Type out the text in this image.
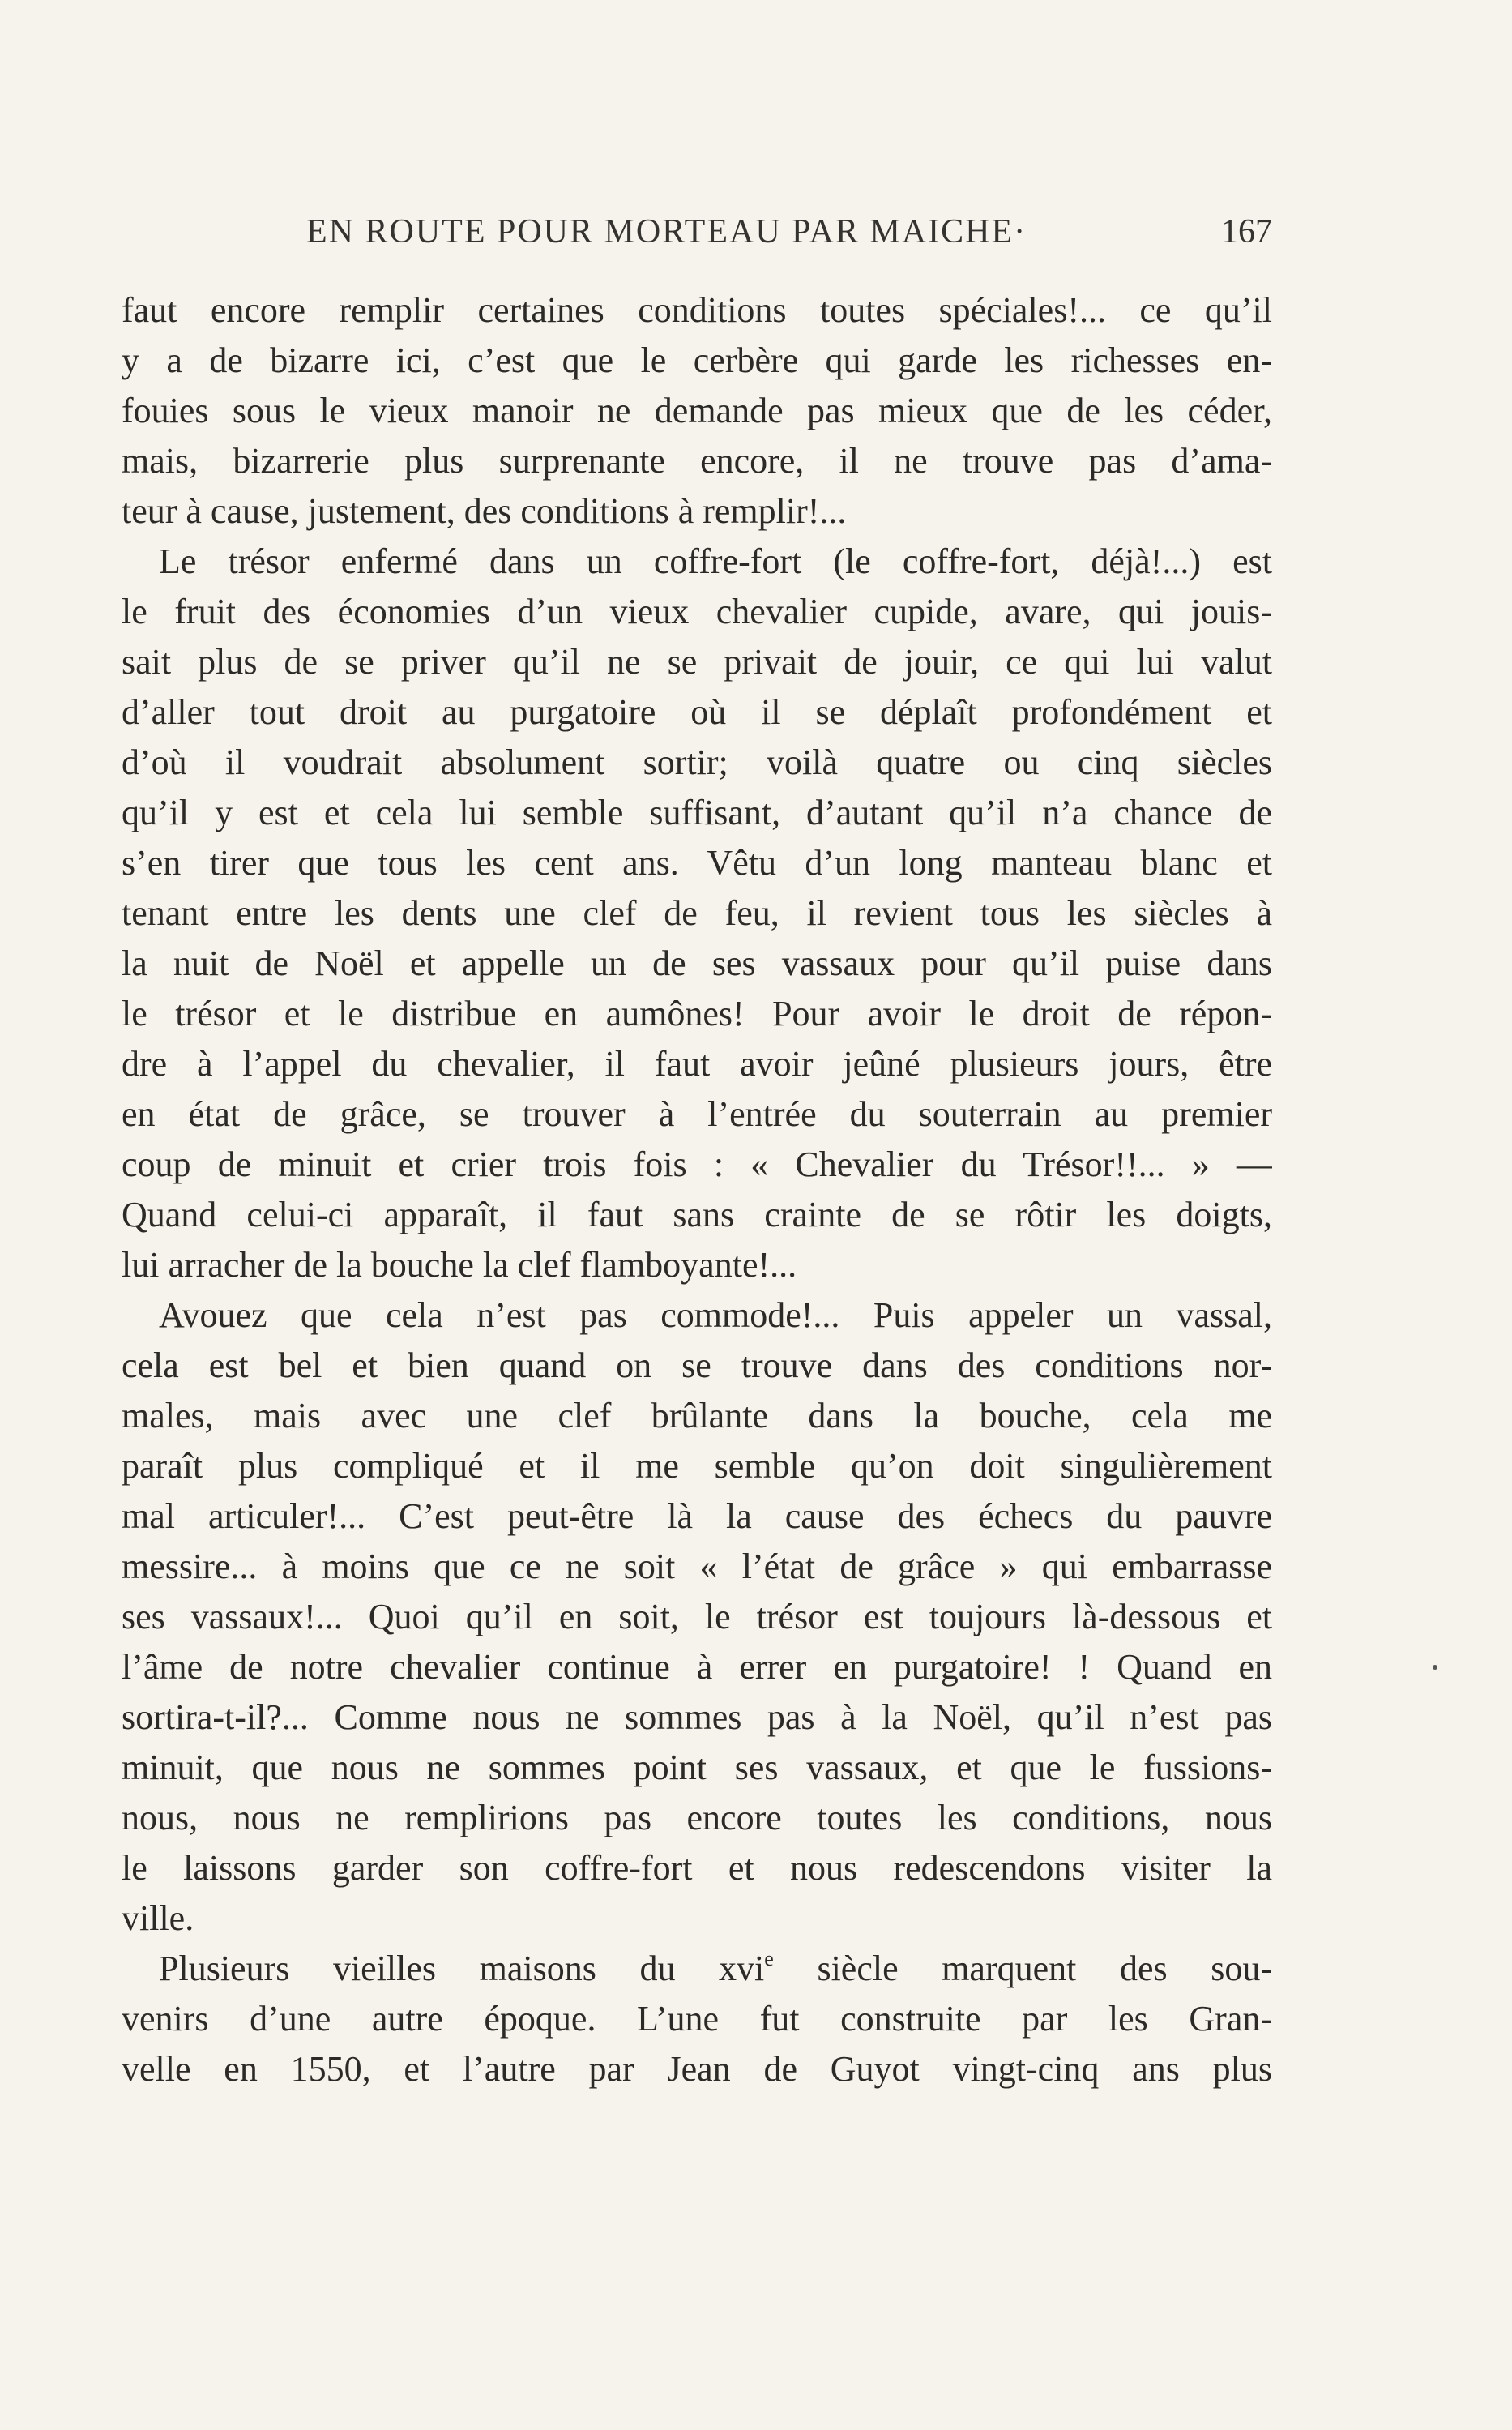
EN ROUTE POUR MORTEAU PAR MAICHE·	167
faut encore remplir certaines conditions toutes spéciales!... ce qu’il
y a de bizarre ici, c’est que le cerbère qui garde les richesses en-
fouies sous le vieux manoir ne demande pas mieux que de les céder,
mais, bizarrerie plus surprenante encore, il ne trouve pas d’ama-
teur à cause, justement, des conditions à remplir!...
Le trésor enfermé dans un coffre-fort (le coffre-fort, déjà!...) est
le fruit des économies d’un vieux chevalier cupide, avare, qui jouis-
sait plus de se priver qu’il ne se privait de jouir, ce qui lui valut
d’aller tout droit au purgatoire où il se déplaît profondément et
d’où il voudrait absolument sortir; voilà quatre ou cinq siècles
qu’il y est et cela lui semble suffisant, d’autant qu’il n’a chance de
s’en tirer que tous les cent ans. Vêtu d’un long manteau blanc et
tenant entre les dents une clef de feu, il revient tous les siècles à
la nuit de Noël et appelle un de ses vassaux pour qu’il puise dans
le trésor et le distribue en aumônes! Pour avoir le droit de répon-
dre à l’appel du chevalier, il faut avoir jeûné plusieurs jours, être
en état de grâce, se trouver à l’entrée du souterrain au premier
coup de minuit et crier trois fois : « Chevalier du Trésor!!... » —
Quand celui-ci apparaît, il faut sans crainte de se rôtir les doigts,
lui arracher de la bouche la clef flamboyante!...
Avouez que cela n’est pas commode!... Puis appeler un vassal,
cela est bel et bien quand on se trouve dans des conditions nor-
males, mais avec une clef brûlante dans la bouche, cela me
paraît plus compliqué et il me semble qu’on doit singulièrement
mal articuler!... C’est peut-être là la cause des échecs du pauvre
messire... à moins que ce ne soit « l’état de grâce » qui embarrasse
ses vassaux!... Quoi qu’il en soit, le trésor est toujours là-dessous et
l’âme de notre chevalier continue à errer en purgatoire! ! Quand en
sortira-t-il?... Comme nous ne sommes pas à la Noël, qu’il n’est pas
minuit, que nous ne sommes point ses vassaux, et que le fussions-
nous, nous ne remplirions pas encore toutes les conditions, nous
le laissons garder son coffre-fort et nous redescendons visiter la
ville.
Plusieurs vieilles maisons du xvi$^e$ siècle marquent des sou-
venirs d’une autre époque. L’une fut construite par les Gran-
velle en 1550, et l’autre par Jean de Guyot vingt-cinq ans plus
